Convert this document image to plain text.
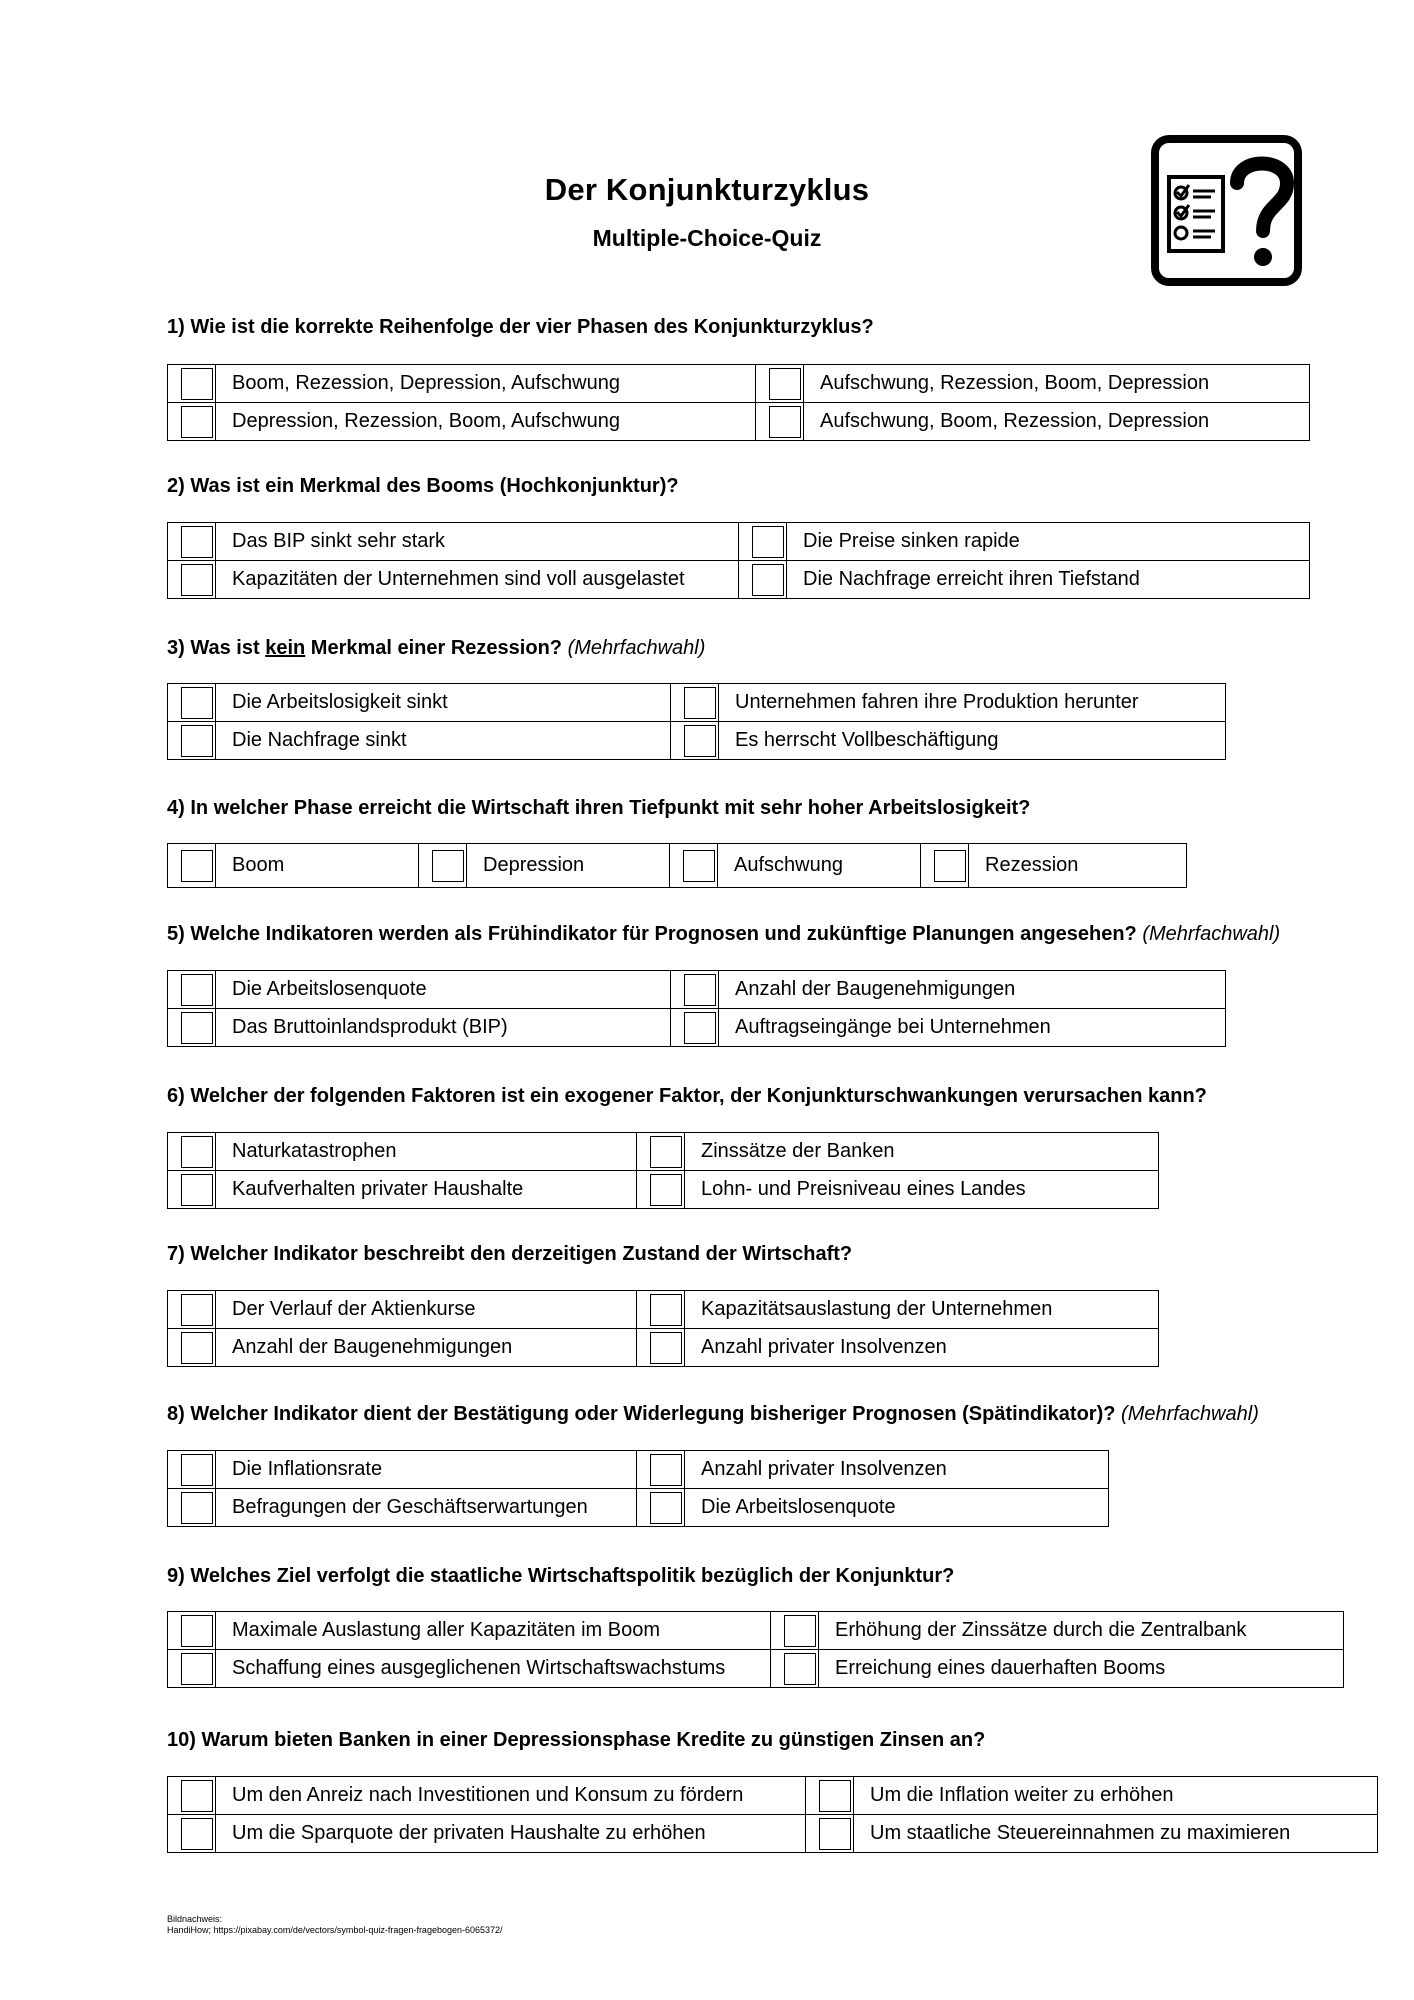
Der Konjunkturzyklus
Multiple-Choice-Quiz
1) Wie ist die korrekte Reihenfolge der vier Phasen des Konjunkturzyklus?
	Boom, Rezession, Depression, Aufschwung		Aufschwung, Rezession, Boom, Depression

	Depression, Rezession, Boom, Aufschwung		Aufschwung, Boom, Rezession, Depression
2) Was ist ein Merkmal des Booms (Hochkonjunktur)?
	Das BIP sinkt sehr stark		Die Preise sinken rapide

	Kapazitäten der Unternehmen sind voll ausgelastet		Die Nachfrage erreicht ihren Tiefstand
3) Was ist kein Merkmal einer Rezession? (Mehrfachwahl)
	Die Arbeitslosigkeit sinkt		Unternehmen fahren ihre Produktion herunter

	Die Nachfrage sinkt		Es herrscht Vollbeschäftigung
4) In welcher Phase erreicht die Wirtschaft ihren Tiefpunkt mit sehr hoher Arbeitslosigkeit?
	Boom		Depression		Aufschwung		Rezession
5) Welche Indikatoren werden als Frühindikator für Prognosen und zukünftige Planungen angesehen? (Mehrfachwahl)
	Die Arbeitslosenquote		Anzahl der Baugenehmigungen

	Das Bruttoinlandsprodukt (BIP)		Auftragseingänge bei Unternehmen
6) Welcher der folgenden Faktoren ist ein exogener Faktor, der Konjunkturschwankungen verursachen kann?
	Naturkatastrophen		Zinssätze der Banken

	Kaufverhalten privater Haushalte		Lohn- und Preisniveau eines Landes
7) Welcher Indikator beschreibt den derzeitigen Zustand der Wirtschaft?
	Der Verlauf der Aktienkurse		Kapazitätsauslastung der Unternehmen

	Anzahl der Baugenehmigungen		Anzahl privater Insolvenzen
8) Welcher Indikator dient der Bestätigung oder Widerlegung bisheriger Prognosen (Spätindikator)? (Mehrfachwahl)
	Die Inflationsrate		Anzahl privater Insolvenzen

	Befragungen der Geschäftserwartungen		Die Arbeitslosenquote
9) Welches Ziel verfolgt die staatliche Wirtschaftspolitik bezüglich der Konjunktur?
	Maximale Auslastung aller Kapazitäten im Boom		Erhöhung der Zinssätze durch die Zentralbank

	Schaffung eines ausgeglichenen Wirtschaftswachstums		Erreichung eines dauerhaften Booms
10) Warum bieten Banken in einer Depressionsphase Kredite zu günstigen Zinsen an?
	Um den Anreiz nach Investitionen und Konsum zu fördern		Um die Inflation weiter zu erhöhen

	Um die Sparquote der privaten Haushalte zu erhöhen		Um staatliche Steuereinnahmen zu maximieren
Bildnachweis:
HandiHow; https://pixabay.com/de/vectors/symbol-quiz-fragen-fragebogen-6065372/
